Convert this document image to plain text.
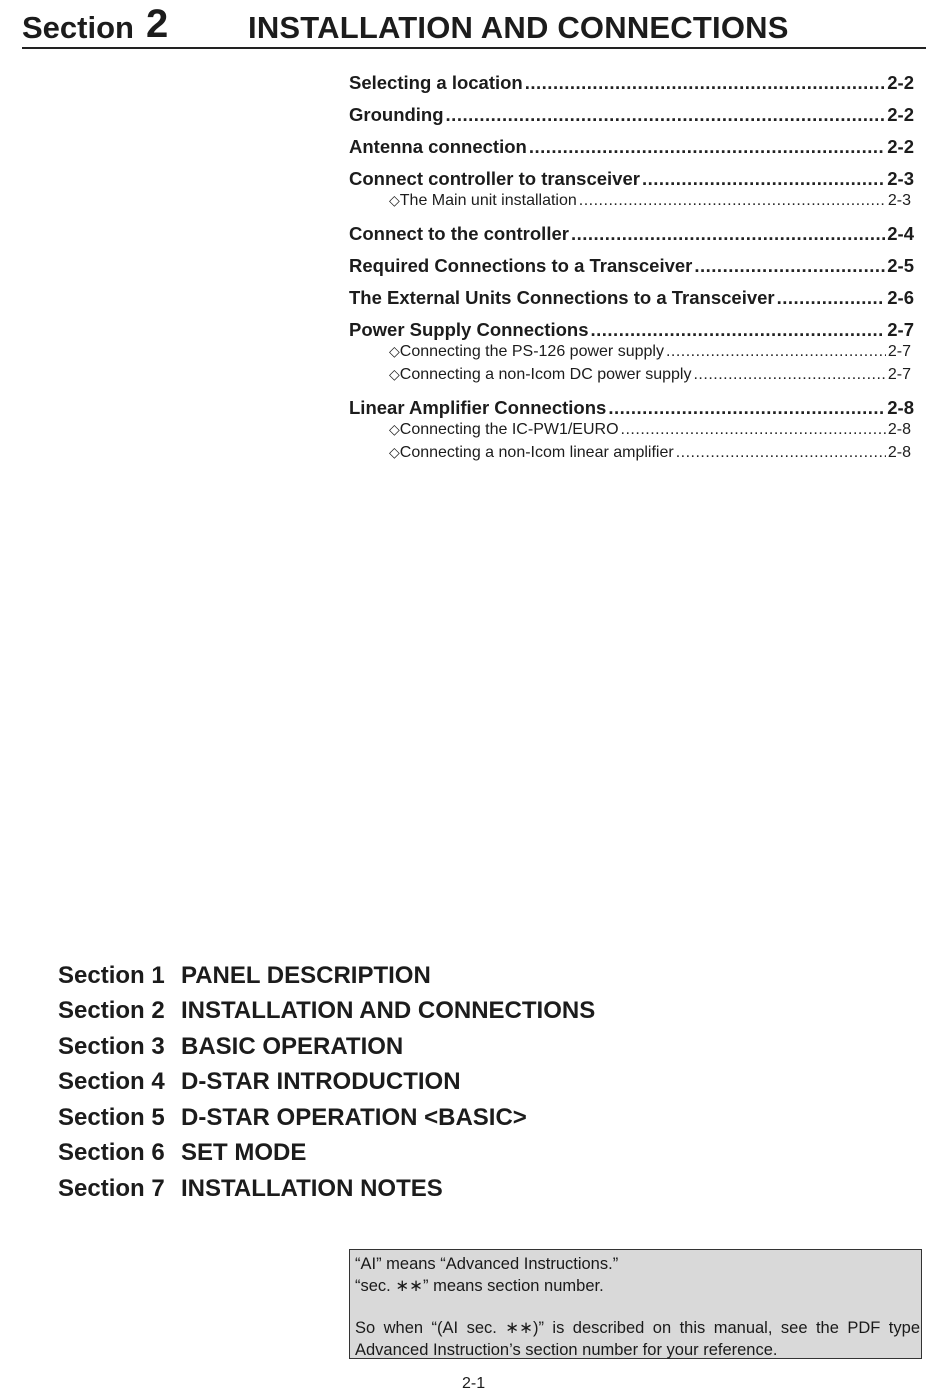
Section 2	INSTALLATION AND CONNECTIONS
Selecting a location .....	2-2
Grounding .....	2-2
Antenna connection .....	2-2
Connect controller to transceiver .....	2-3
◇ The Main unit installation .....	2-3
Connect to the controller .....	2-4
Required Connections to a Transceiver .....	2-5
The External Units Connections to a Transceiver .....	2-6
Power Supply Connections .....	2-7
◇ Connecting the PS-126 power supply .....	2-7
◇ Connecting a non-Icom DC power supply .....	2-7
Linear Amplifier Connections .....	2-8
◇ Connecting the IC-PW1/EURO .....	2-8
◇ Connecting a non-Icom linear amplifier .....	2-8
Section 1 PANEL DESCRIPTION
Section 2 INSTALLATION AND CONNECTIONS
Section 3 BASIC OPERATION
Section 4 D-STAR INTRODUCTION
Section 5 D-STAR OPERATION <BASIC>
Section 6 SET MODE
Section 7 INSTALLATION NOTES
“AI” means “Advanced Instructions.”
“sec. ∗∗” means section number.
So when “(AI sec. ∗∗)” is described on this manual, see the PDF type
Advanced Instruction’s section number for your reference.
2-1
